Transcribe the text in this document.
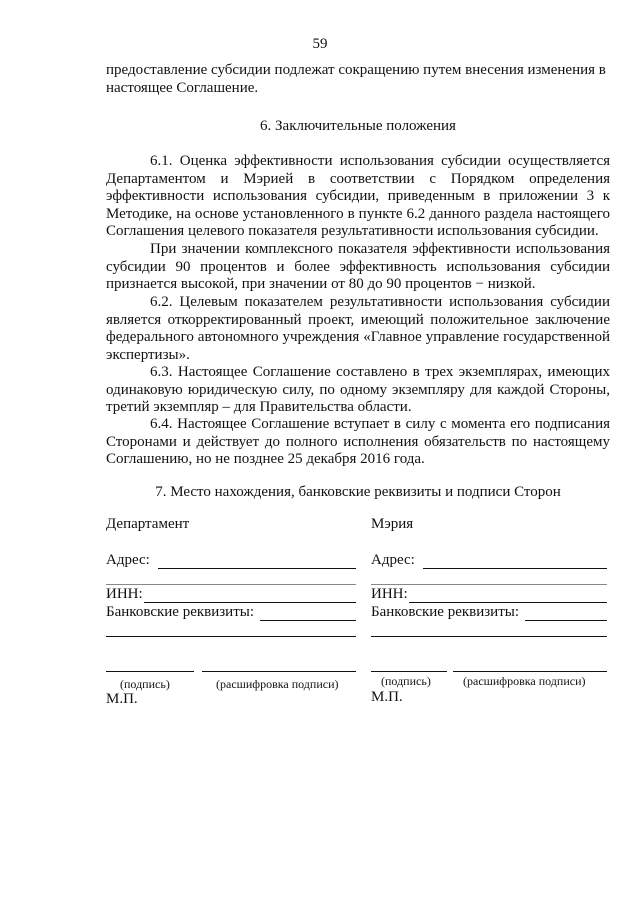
59
предоставление субсидии подлежат сокращению путем внесения изменения в
настоящее Соглашение.
6. Заключительные положения
6.1. Оценка эффективности использования субсидии осуществляется Департаментом и Мэрией в соответствии с Порядком определения эффективности использования субсидии, приведенным в приложении 3 к Методике, на основе установленного в пункте 6.2 данного раздела настоящего Соглашения целевого показателя результативности использования субсидии.
При значении комплексного показателя эффективности использования субсидии 90 процентов и более эффективность использования субсидии признается высокой, при значении от 80 до 90 процентов − низкой.
6.2. Целевым показателем результативности использования субсидии является откорректированный проект, имеющий положительное заключение федерального автономного учреждения «Главное управление государственной экспертизы».
6.3. Настоящее Соглашение составлено в трех экземплярах, имеющих одинаковую юридическую силу, по одному экземпляру для каждой Стороны, третий экземпляр – для Правительства области.
6.4. Настоящее Соглашение вступает в силу с момента его подписания Сторонами и действует до полного исполнения обязательств по настоящему Соглашению, но не позднее 25 декабря 2016 года.
7. Место нахождения, банковские реквизиты и подписи Сторон
Департамент
Адрес:
ИНН:
Банковские реквизиты:
(подпись)	(расшифровка подписи)
М.П.
Мэрия
Адрес:
ИНН:
Банковские реквизиты:
(подпись)	(расшифровка подписи)
М.П.
